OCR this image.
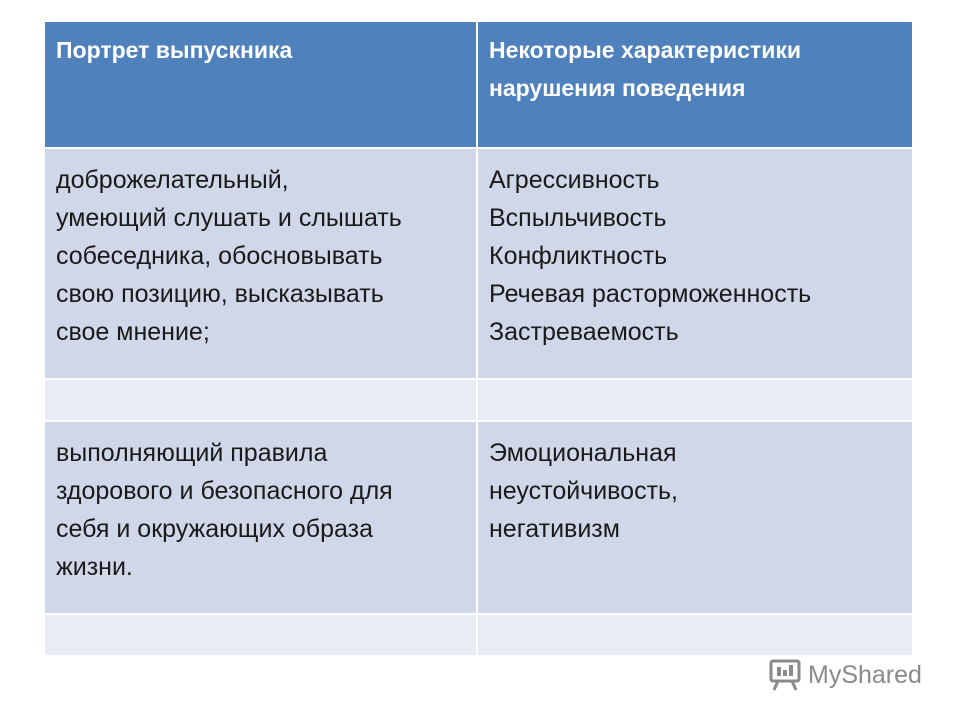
Портрет выпускника	Некоторые характеристики
нарушения поведения
доброжелательный,
умеющий слушать и слышать
собеседника, обосновывать
свою позицию, высказывать
свое мнение;
Агрессивность
Вспыльчивость
Конфликтность
Речевая расторможенность
Застреваемость
выполняющий правила
здорового и безопасного для
себя и окружающих образа
жизни.
Эмоциональная
неустойчивость,
негативизм
MyShared
